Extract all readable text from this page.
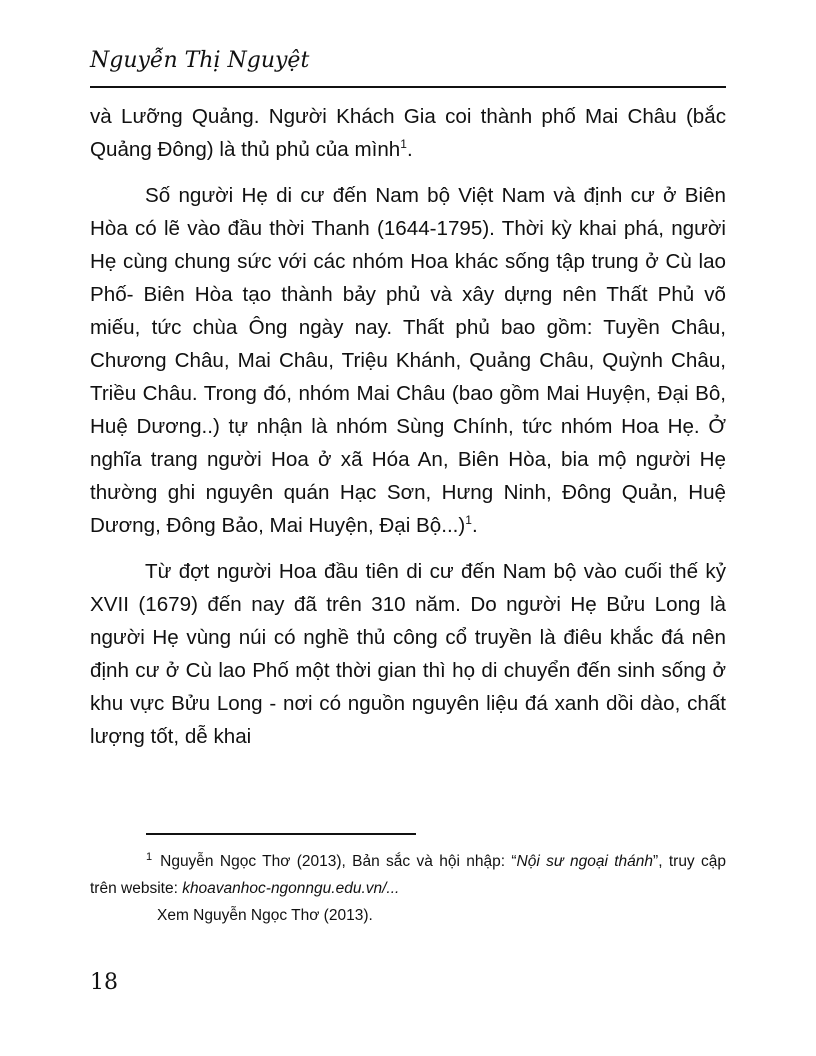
Nguyễn Thị Nguyệt

và Lưỡng Quảng. Người Khách Gia coi thành phố Mai Châu (bắc Quảng Đông) là thủ phủ của mình$^1$.

Số người Hẹ di cư đến Nam bộ Việt Nam và định cư ở Biên Hòa có lẽ vào đầu thời Thanh (1644-1795). Thời kỳ khai phá, người Hẹ cùng chung sức với các nhóm Hoa khác sống tập trung ở Cù lao Phố- Biên Hòa tạo thành bảy phủ và xây dựng nên Thất Phủ võ miếu, tức chùa Ông ngày nay. Thất phủ bao gồm: Tuyền Châu, Chương Châu, Mai Châu, Triệu Khánh, Quảng Châu, Quỳnh Châu, Triều Châu. Trong đó, nhóm Mai Châu (bao gồm Mai Huyện, Đại Bô, Huệ Dương..) tự nhận là nhóm Sùng Chính, tức nhóm Hoa Hẹ. Ở nghĩa trang người Hoa ở xã Hóa An, Biên Hòa, bia mộ người Hẹ thường ghi nguyên quán Hạc Sơn, Hưng Ninh, Đông Quản, Huệ Dương, Đông Bảo, Mai Huyện, Đại Bộ...)$^1$.

Từ đợt người Hoa đầu tiên di cư đến Nam bộ vào cuối thế kỷ XVII (1679) đến nay đã trên 310 năm. Do người Hẹ Bửu Long là người Hẹ vùng núi có nghề thủ công cổ truyền là điêu khắc đá nên định cư ở Cù lao Phố một thời gian thì họ di chuyển đến sinh sống ở khu vực Bửu Long - nơi có nguồn nguyên liệu đá xanh dồi dào, chất lượng tốt, dễ khai

$^1$ Nguyễn Ngọc Thơ (2013), Bản sắc và hội nhập: “Nội sư ngoại thánh”, truy cập trên website: khoavanhoc-ngonngu.edu.vn/...

Xem Nguyễn Ngọc Thơ (2013).

18
